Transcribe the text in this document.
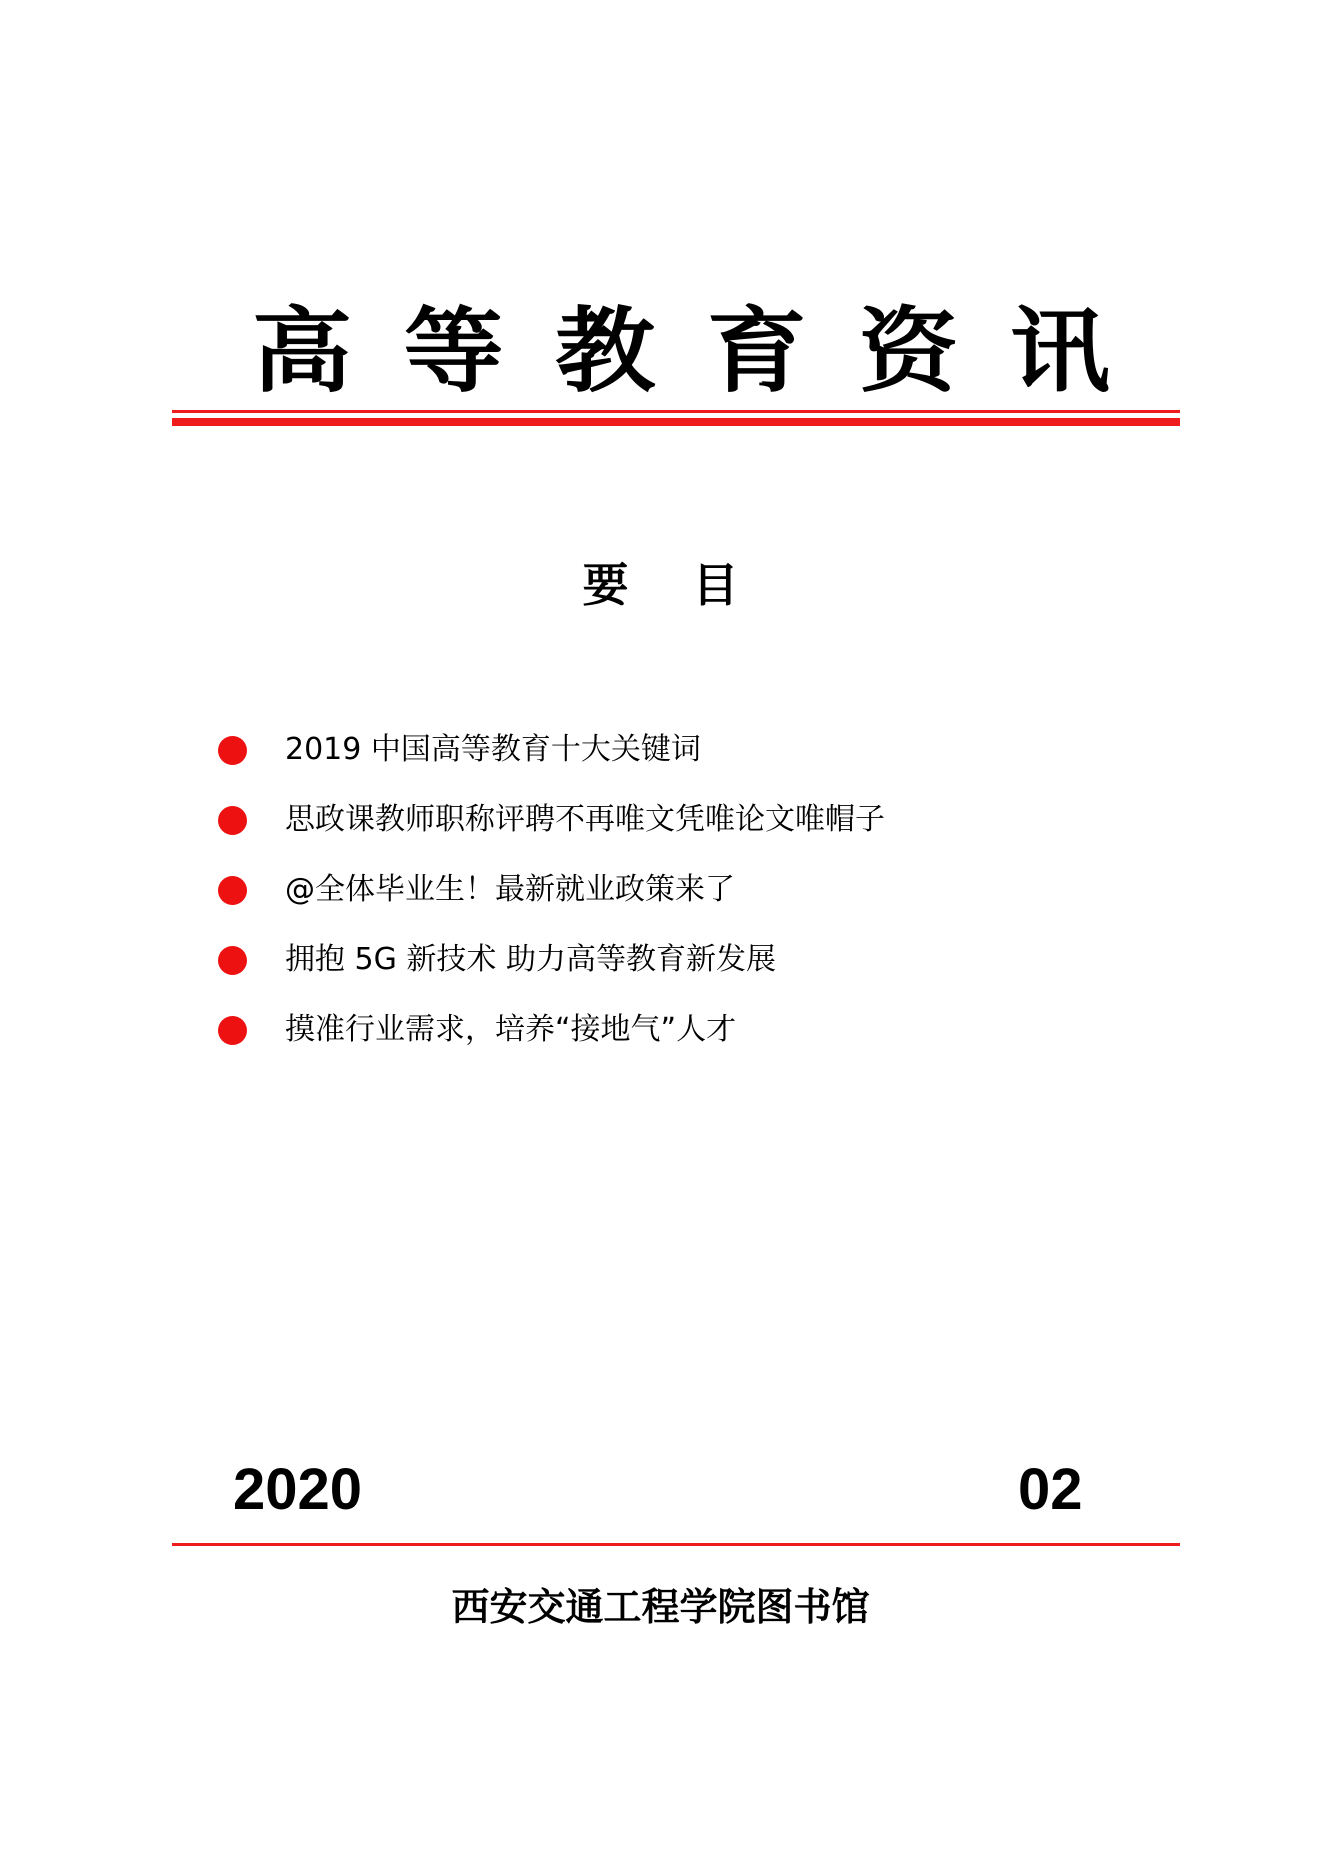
高 等 教 育 资 讯
要 目
2019 中国高等教育十大关键词
思政课教师职称评聘不再唯文凭唯论文唯帽子
@全体毕业生！最新就业政策来了
拥抱 5G 新技术 助力高等教育新发展
摸准行业需求，培养“接地气”人才
2020	02
西安交通工程学院图书馆
